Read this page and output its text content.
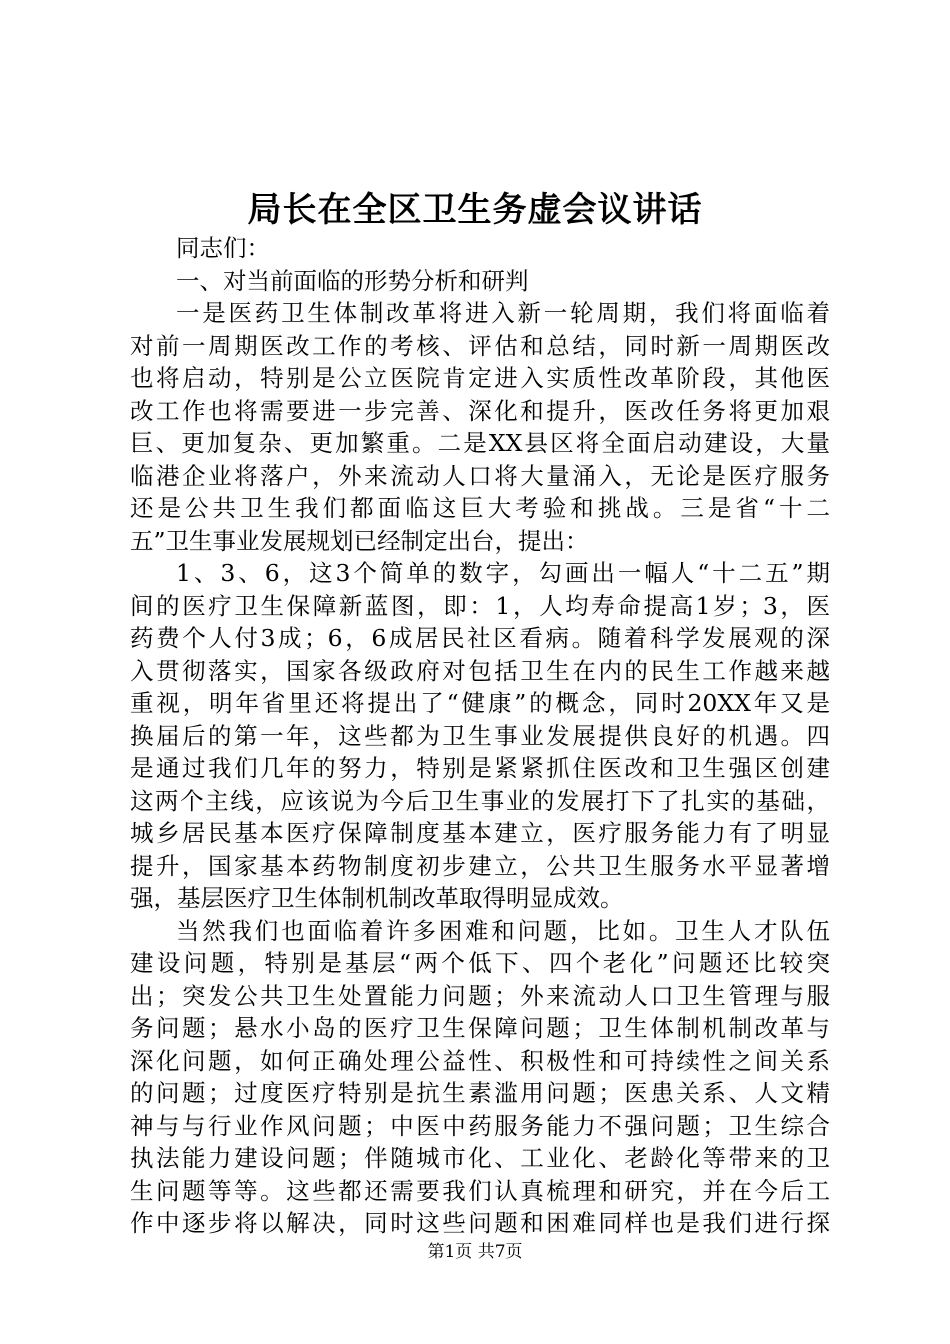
局长在全区卫生务虚会议讲话
同志们：
一、对当前面临的形势分析和研判
一是医药卫生体制改革将进入新一轮周期，我们将面临着
对前一周期医改工作的考核、评估和总结，同时新一周期医改
也将启动，特别是公立医院肯定进入实质性改革阶段，其他医
改工作也将需要进一步完善、深化和提升，医改任务将更加艰
巨、更加复杂、更加繁重。二是XX县区将全面启动建设，大量
临港企业将落户，外来流动人口将大量涌入，无论是医疗服务
还是公共卫生我们都面临这巨大考验和挑战。三是省“十二
五”卫生事业发展规划已经制定出台，提出：
1、3、6，这3个简单的数字，勾画出一幅人“十二五”期
间的医疗卫生保障新蓝图，即：1，人均寿命提高1岁；3，医
药费个人付3成；6，6成居民社区看病。随着科学发展观的深
入贯彻落实，国家各级政府对包括卫生在内的民生工作越来越
重视，明年省里还将提出了“健康”的概念，同时20XX年又是
换届后的第一年，这些都为卫生事业发展提供良好的机遇。四
是通过我们几年的努力，特别是紧紧抓住医改和卫生强区创建
这两个主线，应该说为今后卫生事业的发展打下了扎实的基础，
城乡居民基本医疗保障制度基本建立，医疗服务能力有了明显
提升，国家基本药物制度初步建立，公共卫生服务水平显著增
强，基层医疗卫生体制机制改革取得明显成效。
当然我们也面临着许多困难和问题，比如。卫生人才队伍
建设问题，特别是基层“两个低下、四个老化”问题还比较突
出；突发公共卫生处置能力问题；外来流动人口卫生管理与服
务问题；悬水小岛的医疗卫生保障问题；卫生体制机制改革与
深化问题，如何正确处理公益性、积极性和可持续性之间关系
的问题；过度医疗特别是抗生素滥用问题；医患关系、人文精
神与与行业作风问题；中医中药服务能力不强问题；卫生综合
执法能力建设问题；伴随城市化、工业化、老龄化等带来的卫
生问题等等。这些都还需要我们认真梳理和研究，并在今后工
作中逐步将以解决，同时这些问题和困难同样也是我们进行探
第1页 共7页
